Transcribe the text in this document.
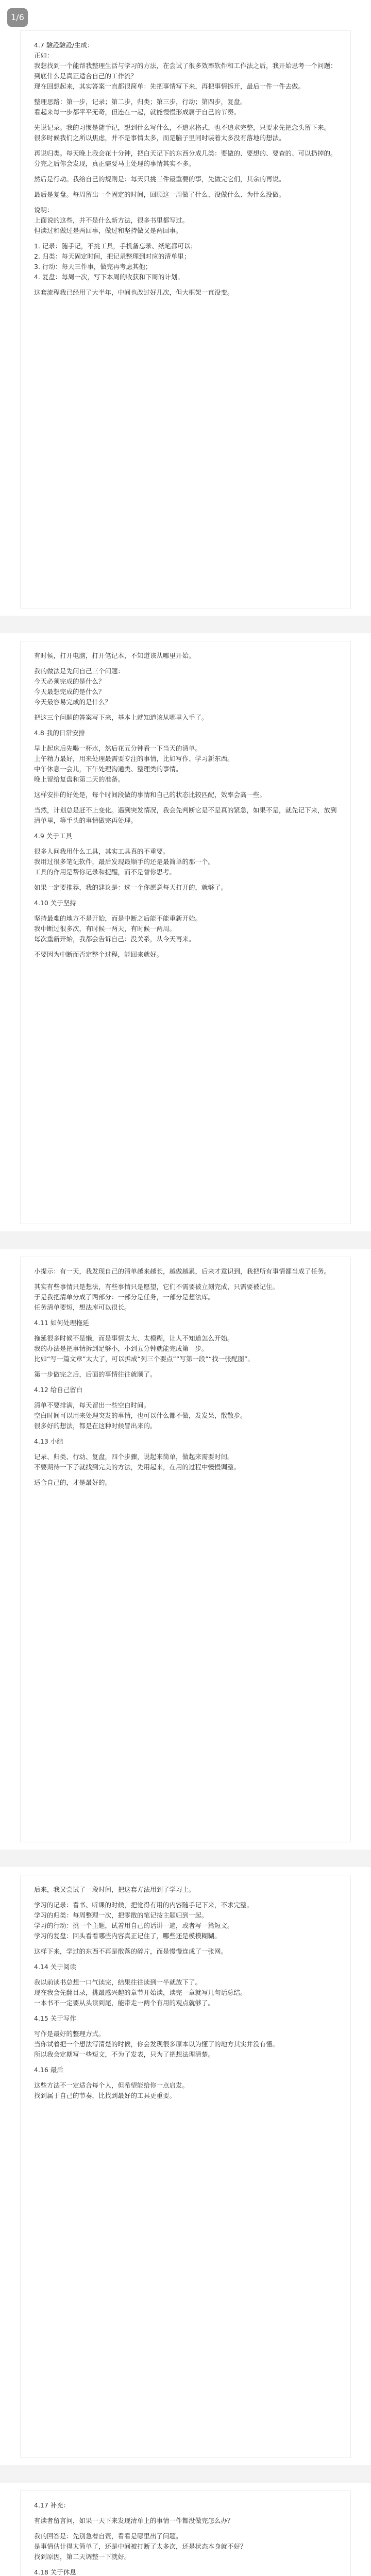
1/6

4.7 驗證驗證/生成：

正如：

我想找到一个能帮我整理生活与学习的方法，在尝试了很多效率软件和工作法之后，我开始思考一个问题：到底什么是真正适合自己的工作流？

现在回想起来，其实答案一直都很简单：先把事情写下来，再把事情拆开，最后一件一件去做。

整理思路：第一步，记录；第二步，归类；第三步，行动；第四步，复盘。

看起来每一步都平平无奇，但连在一起，就能慢慢形成属于自己的节奏。

先说记录。我的习惯是随手记，想到什么写什么，不追求格式，也不追求完整，只要求先把念头留下来。

很多时候我们之所以焦虑，并不是事情太多，而是脑子里同时装着太多没有落地的想法。

再说归类。每天晚上我会花十分钟，把白天记下的东西分成几类：要做的、要想的、要查的、可以扔掉的。

分完之后你会发现，真正需要马上处理的事情其实不多。

然后是行动。我给自己的规则是：每天只挑三件最重要的事，先做完它们，其余的再说。

最后是复盘。每周留出一个固定的时间，回顾这一周做了什么、没做什么、为什么没做。

说明：

上面说的这些，并不是什么新方法，很多书里都写过。

但读过和做过是两回事，做过和坚持做又是两回事。

1. 记录：随手记，不挑工具，手机备忘录、纸笔都可以；

2. 归类：每天固定时间，把记录整理到对应的清单里；

3. 行动：每天三件事，做完再考虑其他；

4. 复盘：每周一次，写下本周的收获和下周的计划。

这套流程我已经用了大半年，中间也改过好几次，但大框架一直没变。

有时候，打开电脑，打开笔记本，不知道该从哪里开始。

我的做法是先问自己三个问题：

今天必须完成的是什么？

今天最想完成的是什么？

今天最容易完成的是什么？

把这三个问题的答案写下来，基本上就知道该从哪里入手了。

4.8 我的日常安排

早上起床后先喝一杯水，然后花五分钟看一下当天的清单。

上午精力最好，用来处理最需要专注的事情，比如写作、学习新东西。

中午休息一会儿，下午处理沟通类、整理类的事情。

晚上留给复盘和第二天的准备。

这样安排的好处是，每个时间段做的事情和自己的状态比较匹配，效率会高一些。

当然，计划总是赶不上变化。遇到突发情况，我会先判断它是不是真的紧急，如果不是，就先记下来，放到清单里，等手头的事情做完再处理。

4.9 关于工具

很多人问我用什么工具，其实工具真的不重要。

我用过很多笔记软件，最后发现最顺手的还是最简单的那一个。

工具的作用是帮你记录和提醒，而不是替你思考。

如果一定要推荐，我的建议是：选一个你愿意每天打开的，就够了。

4.10 关于坚持

坚持最难的地方不是开始，而是中断之后能不能重新开始。

我中断过很多次，有时候一两天，有时候一两周。

每次重新开始，我都会告诉自己：没关系，从今天再来。

不要因为中断而否定整个过程，能回来就好。

小提示：有一天，我发现自己的清单越来越长，越做越累，后来才意识到，我把所有事情都当成了任务。

其实有些事情只是想法，有些事情只是愿望，它们不需要被立刻完成，只需要被记住。

于是我把清单分成了两部分：一部分是任务，一部分是想法库。

任务清单要短，想法库可以很长。

4.11 如何处理拖延

拖延很多时候不是懒，而是事情太大、太模糊，让人不知道怎么开始。

我的办法是把事情拆到足够小，小到五分钟就能完成第一步。

比如“写一篇文章”太大了，可以拆成“列三个要点”“写第一段”“找一张配图”。

第一步做完之后，后面的事情往往就顺了。

4.12 给自己留白

清单不要排满，每天留出一些空白时间。

空白时间可以用来处理突发的事情，也可以什么都不做，发发呆，散散步。

很多好的想法，都是在这种时候冒出来的。

4.13 小结

记录、归类、行动、复盘，四个步骤，说起来简单，做起来需要时间。

不要期待一下子就找到完美的方法，先用起来，在用的过程中慢慢调整。

适合自己的，才是最好的。

后来，我又尝试了一段时间，把这套方法用到了学习上。

学习的记录：看书、听课的时候，把觉得有用的内容随手记下来，不求完整。

学习的归类：每周整理一次，把零散的笔记按主题归到一起。

学习的行动：挑一个主题，试着用自己的话讲一遍，或者写一篇短文。

学习的复盘：回头看看哪些内容真正记住了，哪些还是模模糊糊。

这样下来，学过的东西不再是散落的碎片，而是慢慢连成了一张网。

4.14 关于阅读

我以前读书总想一口气读完，结果往往读到一半就放下了。

现在我会先翻目录，挑最感兴趣的章节开始读，读完一章就写几句话总结。

一本书不一定要从头读到尾，能带走一两个有用的观点就够了。

4.15 关于写作

写作是最好的整理方式。

当你试着把一个想法写清楚的时候，你会发现很多原本以为懂了的地方其实并没有懂。

所以我会定期写一些短文，不为了发表，只为了把想法理清楚。

4.16 最后

这些方法不一定适合每个人，但希望能给你一点启发。

找到属于自己的节奏，比找到最好的工具更重要。

4.17 补充：

有读者留言问，如果一天下来发现清单上的事情一件都没做完怎么办？

我的回答是：先别急着自责，看看是哪里出了问题。

是事情估计得太简单了，还是中间被打断了太多次，还是状态本身就不好？

找到原因，第二天调整一下就好。

4.18 关于休息
